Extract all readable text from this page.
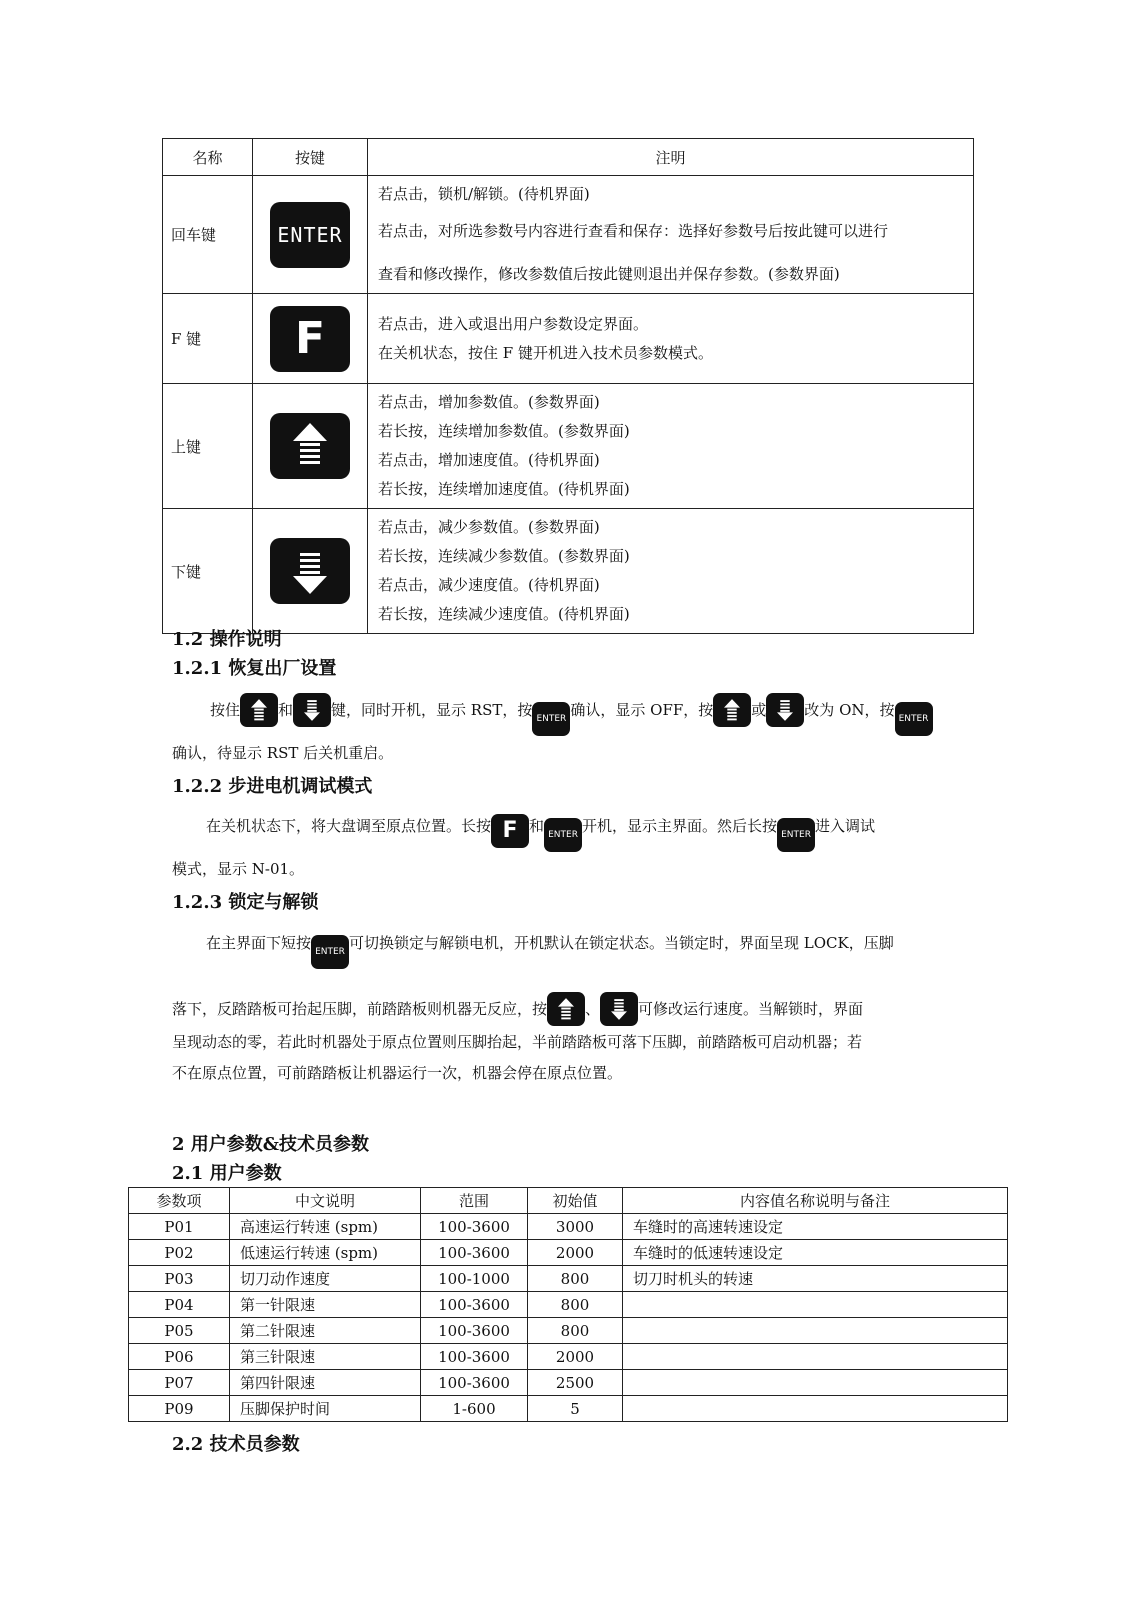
名称	按键	注明
回车键	ENTER	若点击，锁机/解锁。(待机界面)
若点击，对所选参数号内容进行查看和保存：选择好参数号后按此键可以进行
查看和修改操作，修改参数值后按此键则退出并保存参数。(参数界面)

F 键	F	若点击，进入或退出用户参数设定界面。
在关机状态，按住 F 键开机进入技术员参数模式。

上键		若点击，增加参数值。(参数界面)
若长按，连续增加参数值。(参数界面)
若点击，增加速度值。(待机界面)
若长按，连续增加速度值。(待机界面)

下键		若点击，减少参数值。(参数界面)
若长按，连续减少参数值。(参数界面)
若点击，减少速度值。(待机界面)
若长按，连续减少速度值。(待机界面)
1.2 操作说明
1.2.1 恢复出厂设置

按住	和	键，同时开机，显示 RST，按 ENTER 确认，显示 OFF，按	或	改为 ON，按 ENTER

确认，待显示 RST 后关机重启。

1.2.2 步进电机调试模式

在关机状态下，将大盘调至原点位置。长按 F 和 ENTER 开机，显示主界面。然后长按 ENTER 进入调试

模式，显示 N-01。

1.2.3 锁定与解锁

在主界面下短按 ENTER 可切换锁定与解锁电机，开机默认在锁定状态。当锁定时，界面呈现 LOCK，压脚

落下，反踏踏板可抬起压脚，前踏踏板则机器无反应，按	、	可修改运行速度。当解锁时，界面

呈现动态的零，若此时机器处于原点位置则压脚抬起，半前踏踏板可落下压脚，前踏踏板可启动机器；若

不在原点位置，可前踏踏板让机器运行一次，机器会停在原点位置。

2 用户参数&技术员参数
2.1 用户参数
参数项	中文说明	范围	初始值	内容值名称说明与备注
P01	高速运行转速 (spm)	100-3600	3000	车缝时的高速转速设定
P02	低速运行转速 (spm)	100-3600	2000	车缝时的低速转速设定
P03	切刀动作速度	100-1000	800	切刀时机头的转速
P04	第一针限速	100-3600	800	
P05	第二针限速	100-3600	800	
P06	第三针限速	100-3600	2000	
P07	第四针限速	100-3600	2500	
P09	压脚保护时间	1-600	5	
2.2 技术员参数
